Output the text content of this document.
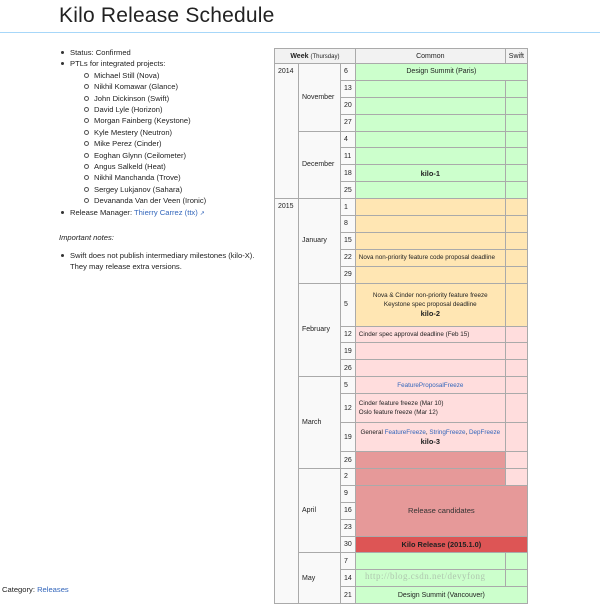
Kilo Release Schedule
Status: Confirmed
PTLs for integrated projects:
Michael Still (Nova)
Nikhil Komawar (Glance)
John Dickinson (Swift)
David Lyle (Horizon)
Morgan Fainberg (Keystone)
Kyle Mestery (Neutron)
Mike Perez (Cinder)
Eoghan Glynn (Ceilometer)
Angus Salkeld (Heat)
Nikhil Manchanda (Trove)
Sergey Lukjanov (Sahara)
Devananda Van der Veen (Ironic)
Release Manager: Thierry Carrez (ttx) ↗
Important notes:
Swift does not publish intermediary milestones (kilo-X).
They may release extra versions.
Week (Thursday)			Common	Swift
2014	November	6	Design Summit (Paris)	
		13		
		20		
		27		
	December	4		
		11		
		18	kilo-1	
		25		
2015	January	1		
		8		
		15		
		22	Nova non-priority feature code proposal deadline	
		29		
	February	5	Nova & Cinder non-priority feature freeze
Keystone spec proposal deadline
kilo-2	

		12	Cinder spec approval deadline (Feb 15)	
		19		
		26		
	March	5	FeatureProposalFreeze	
		12	Cinder feature freeze (Mar 10)
Oslo feature freeze (Mar 12)	

		19	General FeatureFreeze, StringFreeze, DepFreeze
kilo-3	

		26		
	April	2		
		9	Release candidates	
		16		
		23		
		30	Kilo Release (2015.1.0)	
	May	7		
		14		
		21	Design Summit (Vancouver)	
Category: Releases
http://blog.csdn.net/devyfong
